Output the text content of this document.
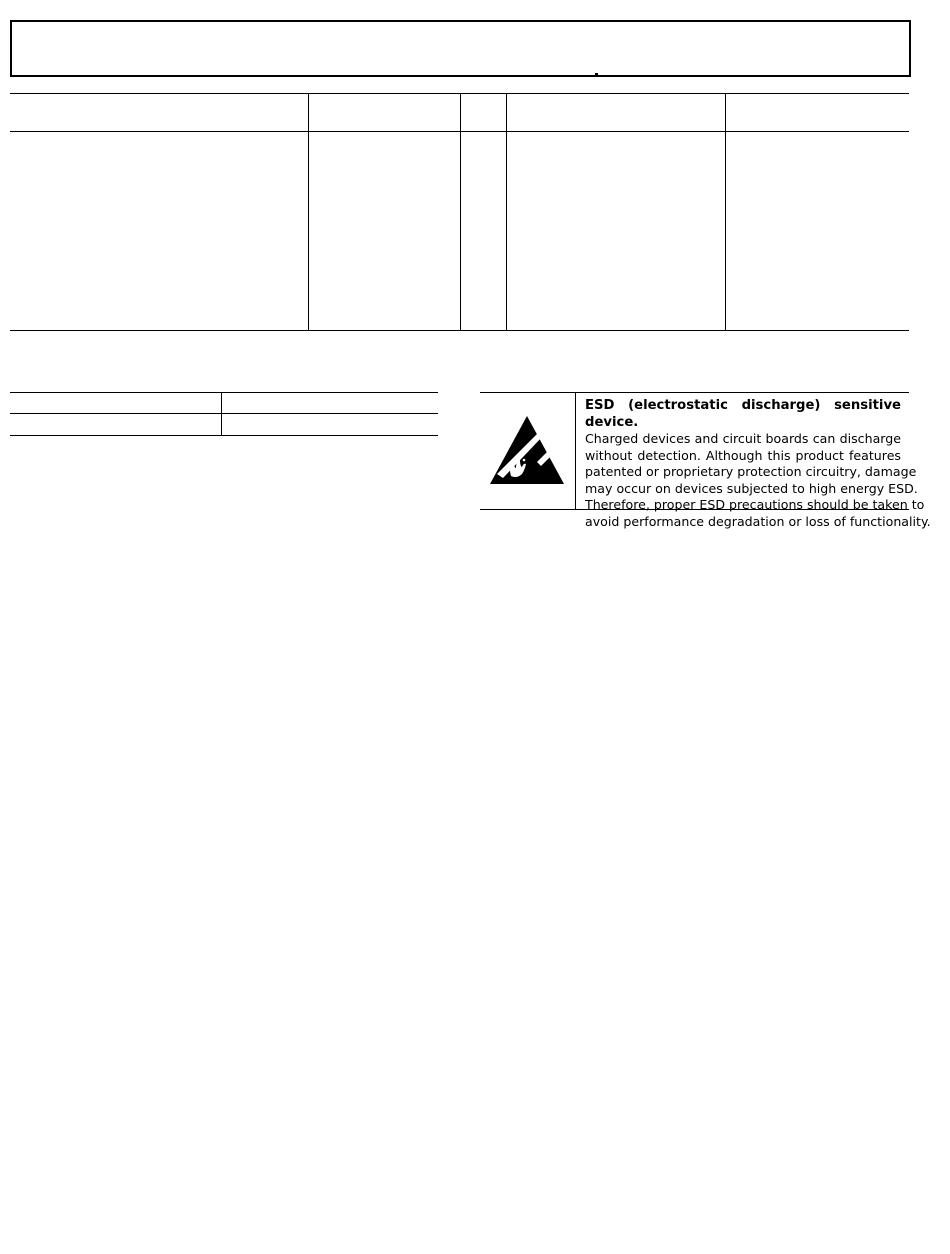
ESD (electrostatic discharge) sensitive device.
Charged devices and circuit boards can discharge
without detection. Although this product features
patented or proprietary protection circuitry, damage
may occur on devices subjected to high energy ESD.
Therefore, proper ESD precautions should be taken to
avoid performance degradation or loss of functionality.
